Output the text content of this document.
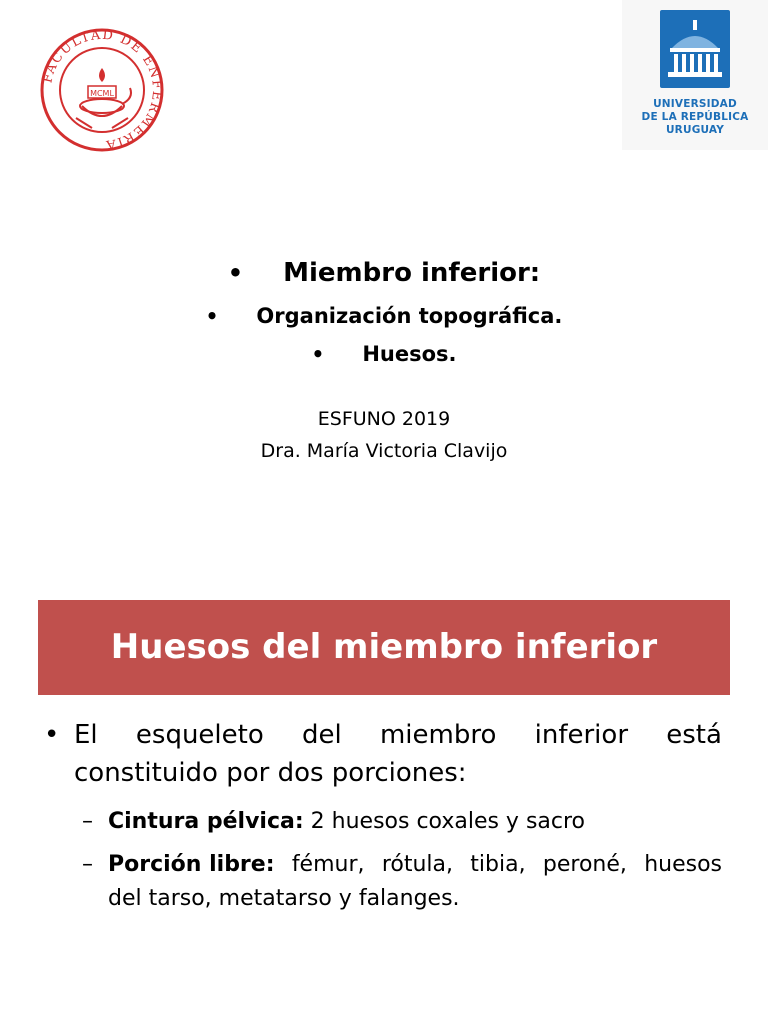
FACULTAD DE ENFERMERIA
MCML
UNIVERSIDAD
DE LA REPÚBLICA
URUGUAY
• Miembro inferior:
• Organización topográfica.
• Huesos.
ESFUNO 2019
Dra. María Victoria Clavijo
Huesos del miembro inferior
• El esqueleto del miembro inferior está
constituido por dos porciones:
– Cintura pélvica: 2 huesos coxales y sacro
– Porción libre: fémur, rótula, tibia, peroné, huesos
del tarso, metatarso y falanges.
